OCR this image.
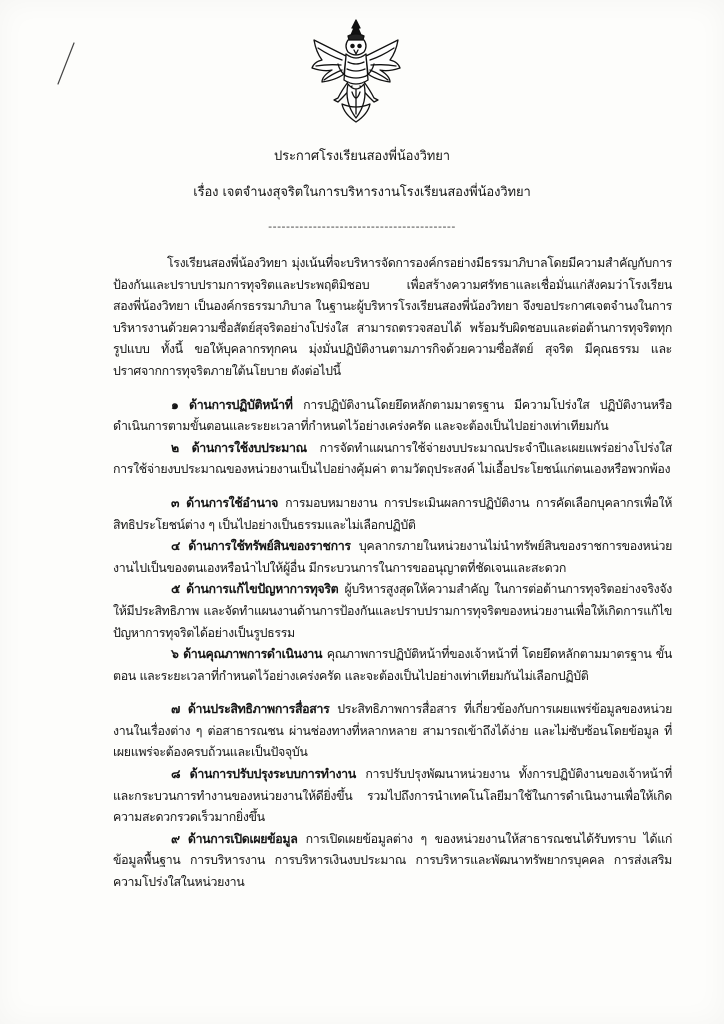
ประกาศโรงเรียนสองพี่น้องวิทยา
เรื่อง เจตจำนงสุจริตในการบริหารงานโรงเรียนสองพี่น้องวิทยา
------------------------------------------

โรงเรียนสองพี่น้องวิทยา มุ่งเน้นที่จะบริหารจัดการองค์กรอย่างมีธรรมาภิบาลโดยมีความสำคัญกับการป้องกันและปราบปรามการทุจริตและประพฤติมิชอบ เพื่อสร้างความศรัทธาและเชื่อมั่นแก่สังคมว่าโรงเรียนสองพี่น้องวิทยา เป็นองค์กรธรรมาภิบาล ในฐานะผู้บริหารโรงเรียนสองพี่น้องวิทยา จึงขอประกาศเจตจำนงในการบริหารงานด้วยความซื่อสัตย์สุจริตอย่างโปร่งใส สามารถตรวจสอบได้ พร้อมรับผิดชอบและต่อต้านการทุจริตทุกรูปแบบ ทั้งนี้ ขอให้บุคลากรทุกคน มุ่งมั่นปฏิบัติงานตามภารกิจด้วยความซื่อสัตย์ สุจริต มีคุณธรรม และปราศจากการทุจริตภายใต้นโยบาย ดังต่อไปนี้

๑ ด้านการปฏิบัติหน้าที่ การปฏิบัติงานโดยยึดหลักตามมาตรฐาน มีความโปร่งใส ปฏิบัติงานหรือดำเนินการตามขั้นตอนและระยะเวลาที่กำหนดไว้อย่างเคร่งครัด และจะต้องเป็นไปอย่างเท่าเทียมกัน

๒ ด้านการใช้งบประมาณ การจัดทำแผนการใช้จ่ายงบประมาณประจำปีและเผยแพร่อย่างโปร่งใส การใช้จ่ายงบประมาณของหน่วยงานเป็นไปอย่างคุ้มค่า ตามวัตถุประสงค์ ไม่เอื้อประโยชน์แก่ตนเองหรือพวกพ้อง

๓ ด้านการใช้อำนาจ การมอบหมายงาน การประเมินผลการปฏิบัติงาน การคัดเลือกบุคลากรเพื่อให้สิทธิประโยชน์ต่าง ๆ เป็นไปอย่างเป็นธรรมและไม่เลือกปฏิบัติ

๔ ด้านการใช้ทรัพย์สินของราชการ บุคลากรภายในหน่วยงานไม่นำทรัพย์สินของราชการของหน่วยงานไปเป็นของตนเองหรือนำไปให้ผู้อื่น มีกระบวนการในการขออนุญาตที่ชัดเจนและสะดวก

๕ ด้านการแก้ไขปัญหาการทุจริต ผู้บริหารสูงสุดให้ความสำคัญ ในการต่อต้านการทุจริตอย่างจริงจัง ให้มีประสิทธิภาพ และจัดทำแผนงานด้านการป้องกันและปราบปรามการทุจริตของหน่วยงานเพื่อให้เกิดการแก้ไขปัญหาการทุจริตได้อย่างเป็นรูปธรรม

๖ ด้านคุณภาพการดำเนินงาน คุณภาพการปฏิบัติหน้าที่ของเจ้าหน้าที่ โดยยึดหลักตามมาตรฐาน ขั้นตอน และระยะเวลาที่กำหนดไว้อย่างเคร่งครัด และจะต้องเป็นไปอย่างเท่าเทียมกันไม่เลือกปฏิบัติ

๗ ด้านประสิทธิภาพการสื่อสาร ประสิทธิภาพการสื่อสาร ที่เกี่ยวข้องกับการเผยแพร่ข้อมูลของหน่วยงานในเรื่องต่าง ๆ ต่อสาธารณชน ผ่านช่องทางที่หลากหลาย สามารถเข้าถึงได้ง่าย และไม่ซับซ้อนโดยข้อมูล ที่เผยแพร่จะต้องครบถ้วนและเป็นปัจจุบัน

๘ ด้านการปรับปรุงระบบการทำงาน การปรับปรุงพัฒนาหน่วยงาน ทั้งการปฏิบัติงานของเจ้าหน้าที่และกระบวนการทำงานของหน่วยงานให้ดียิ่งขึ้น รวมไปถึงการนำเทคโนโลยีมาใช้ในการดำเนินงานเพื่อให้เกิดความสะดวกรวดเร็วมากยิ่งขึ้น

๙ ด้านการเปิดเผยข้อมูล การเปิดเผยข้อมูลต่าง ๆ ของหน่วยงานให้สาธารณชนได้รับทราบ ได้แก่ ข้อมูลพื้นฐาน การบริหารงาน การบริหารเงินงบประมาณ การบริหารและพัฒนาทรัพยากรบุคคล การส่งเสริมความโปร่งใสในหน่วยงาน
